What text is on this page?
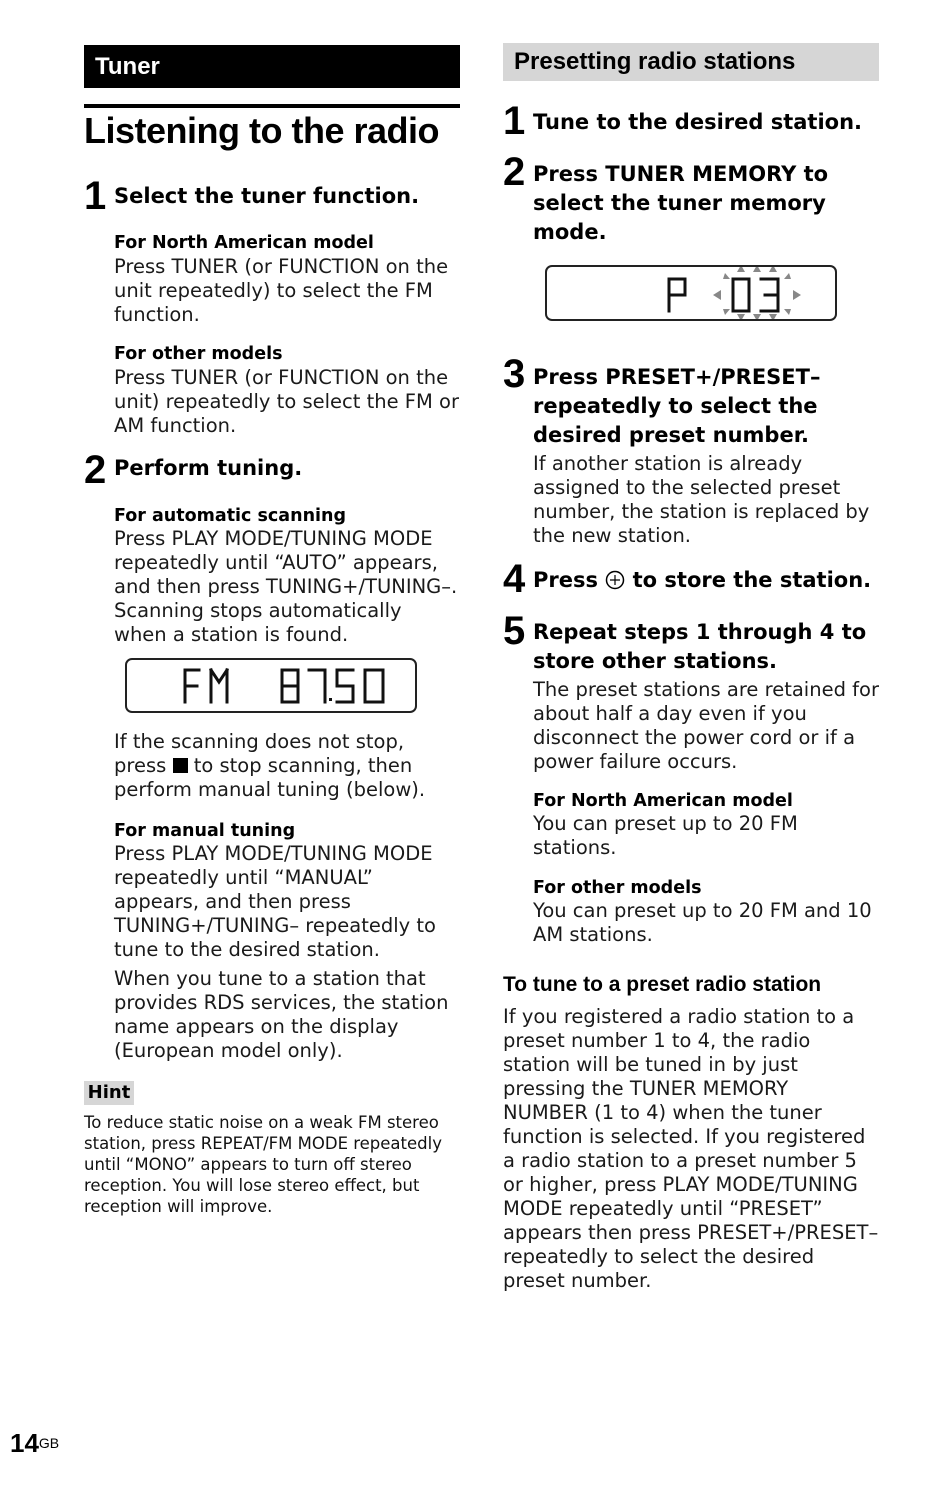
Tuner
Listening to the radio
Presetting radio stations
1 Select the tuner function.
For North American model
Press TUNER (or FUNCTION on the unit repeatedly) to select the FM function.
For other models
Press TUNER (or FUNCTION on the unit) repeatedly to select the FM or AM function.
2 Perform tuning.
For automatic scanning
Press PLAY MODE/TUNING MODE repeatedly until “AUTO” appears, and then press TUNING+/TUNING–. Scanning stops automatically when a station is found.
If the scanning does not stop, press to stop scanning, then perform manual tuning (below).
For manual tuning
Press PLAY MODE/TUNING MODE repeatedly until “MANUAL” appears, and then press TUNING+/TUNING– repeatedly to tune to the desired station.
When you tune to a station that provides RDS services, the station name appears on the display (European model only).
Hint
To reduce static noise on a weak FM stereo station, press REPEAT/FM MODE repeatedly until “MONO” appears to turn off stereo reception. You will lose stereo effect, but reception will improve.
1 Tune to the desired station.
2 Press TUNER MEMORY to select the tuner memory mode.
3 Press PRESET+/PRESET– repeatedly to select the desired preset number.
If another station is already assigned to the selected preset number, the station is replaced by the new station.
4 Press to store the station.
5 Repeat steps 1 through 4 to store other stations.
The preset stations are retained for about half a day even if you disconnect the power cord or if a power failure occurs.
For North American model
You can preset up to 20 FM stations.
For other models
You can preset up to 20 FM and 10 AM stations.
To tune to a preset radio station
If you registered a radio station to a preset number 1 to 4, the radio station will be tuned in by just pressing the TUNER MEMORY NUMBER (1 to 4) when the tuner function is selected. If you registered a radio station to a preset number 5 or higher, press PLAY MODE/TUNING MODE repeatedly until “PRESET” appears then press PRESET+/PRESET– repeatedly to select the desired preset number.
$14^{GB}$
